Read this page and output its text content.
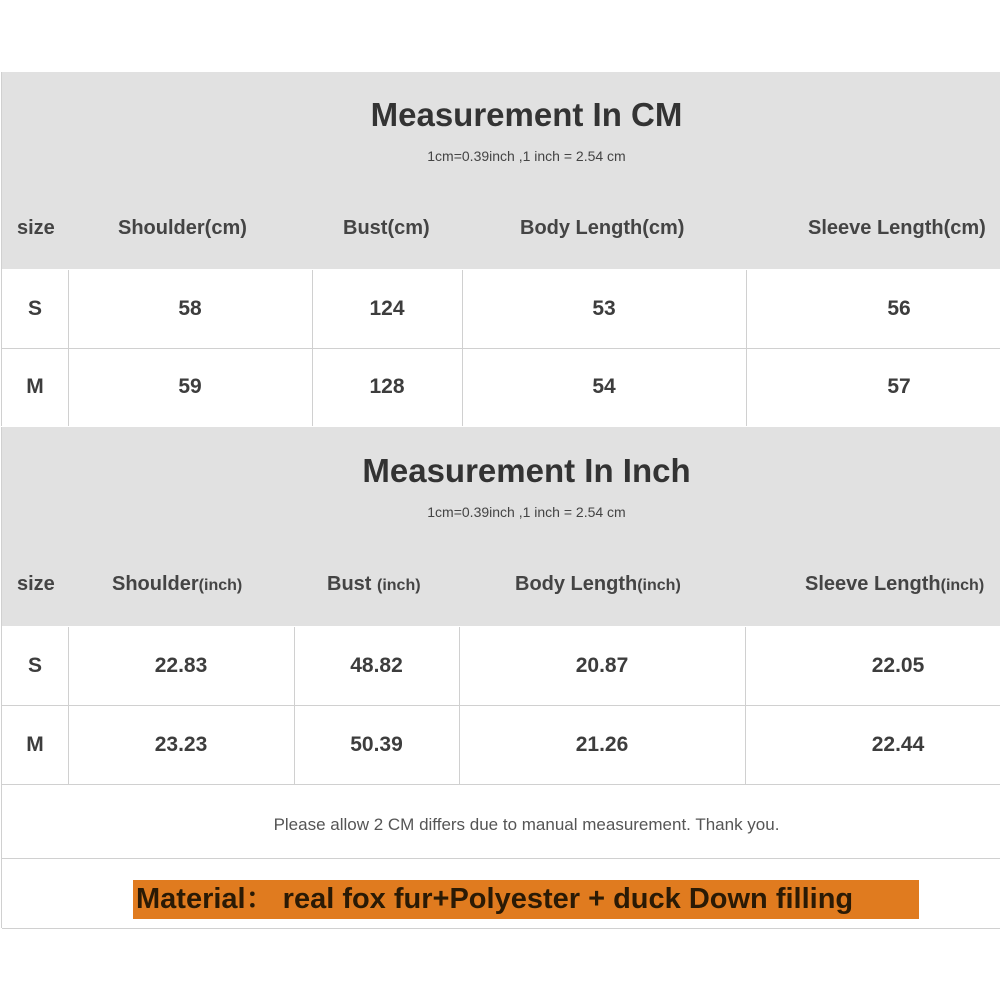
Measurement In CM
1cm=0.39inch ,1 inch = 2.54 cm
size	Shoulder(cm)	Bust(cm)	Body Length(cm)	Sleeve Length(cm)
S	58	124	53	56
M	59	128	54	57
Measurement In Inch
1cm=0.39inch ,1 inch = 2.54 cm
size	Shoulder(inch)	Bust (inch)	Body Length(inch)	Sleeve Length(inch)
S	22.83	48.82	20.87	22.05
M	23.23	50.39	21.26	22.44
Please allow 2 CM differs due to manual measurement. Thank you.
Material： real fox fur+Polyester + duck Down filling
